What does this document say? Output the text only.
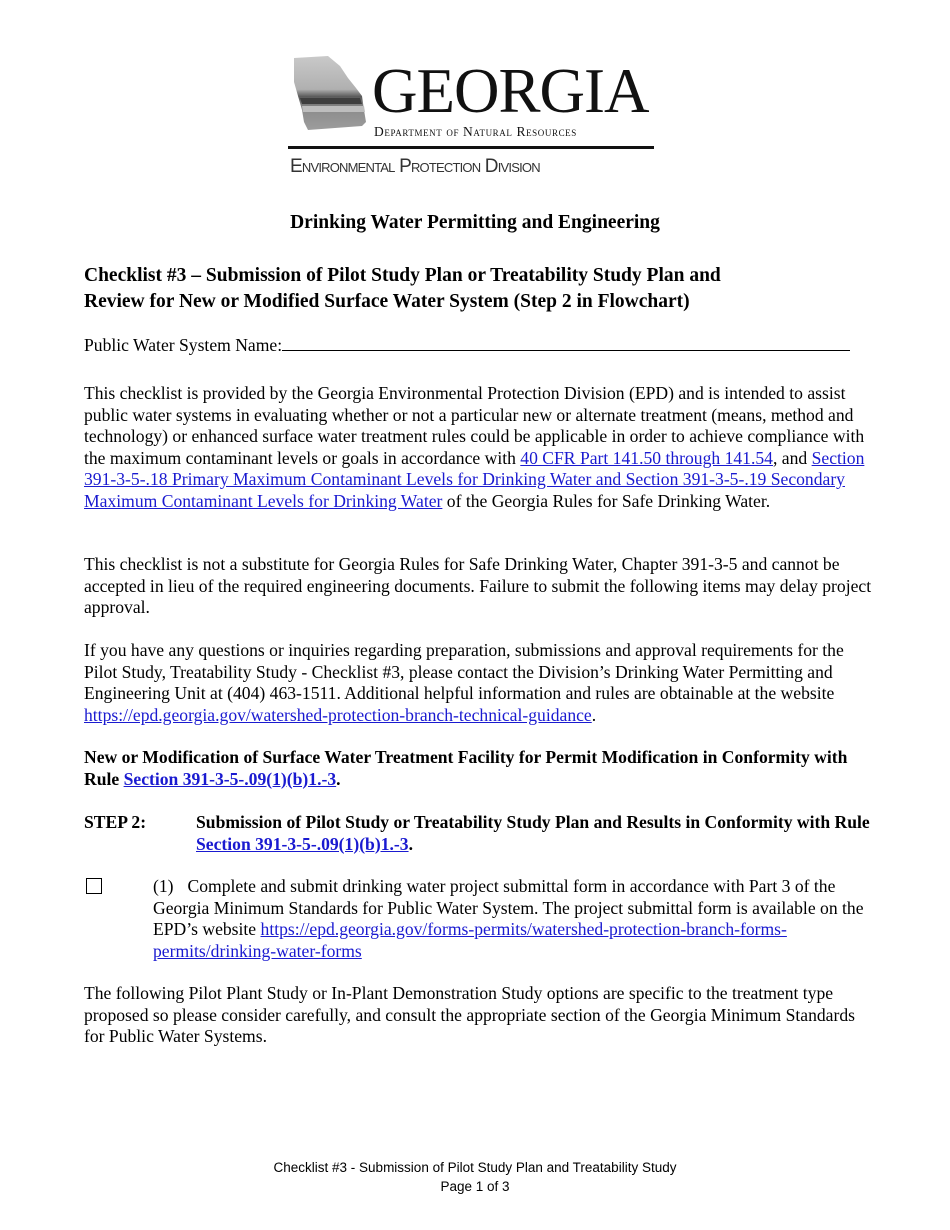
GEORGIA
Department of Natural Resources
Environmental Protection Division
Drinking Water Permitting and Engineering
Checklist #3 – Submission of Pilot Study Plan or Treatability Study Plan and
Review for New or Modified Surface Water System (Step 2 in Flowchart)
Public Water System Name:
This checklist is provided by the Georgia Environmental Protection Division (EPD) and is intended to assist public water systems in evaluating whether or not a particular new or alternate treatment (means, method and technology) or enhanced surface water treatment rules could be applicable in order to achieve compliance with the maximum contaminant levels or goals in accordance with 40 CFR Part 141.50 through 141.54, and Section 391-3-5-.18 Primary Maximum Contaminant Levels for Drinking Water and Section 391-3-5-.19 Secondary Maximum Contaminant Levels for Drinking Water of the Georgia Rules for Safe Drinking Water.
This checklist is not a substitute for Georgia Rules for Safe Drinking Water, Chapter 391-3-5 and cannot be accepted in lieu of the required engineering documents. Failure to submit the following items may delay project approval.
If you have any questions or inquiries regarding preparation, submissions and approval requirements for the Pilot Study, Treatability Study - Checklist #3, please contact the Division’s Drinking Water Permitting and Engineering Unit at (404) 463-1511. Additional helpful information and rules are obtainable at the website https://epd.georgia.gov/watershed-protection-branch-technical-guidance.
New or Modification of Surface Water Treatment Facility for Permit Modification in Conformity with Rule Section 391-3-5-.09(1)(b)1.-3.
STEP 2:	Submission of Pilot Study or Treatability Study Plan and Results in Conformity with Rule Section 391-3-5-.09(1)(b)1.-3.
(1) Complete and submit drinking water project submittal form in accordance with Part 3 of the Georgia Minimum Standards for Public Water System. The project submittal form is available on the EPD’s website https://epd.georgia.gov/forms-permits/watershed-protection-branch-forms-permits/drinking-water-forms
The following Pilot Plant Study or In-Plant Demonstration Study options are specific to the treatment type proposed so please consider carefully, and consult the appropriate section of the Georgia Minimum Standards for Public Water Systems.
Checklist #3 - Submission of Pilot Study Plan and Treatability Study
Page 1 of 3
